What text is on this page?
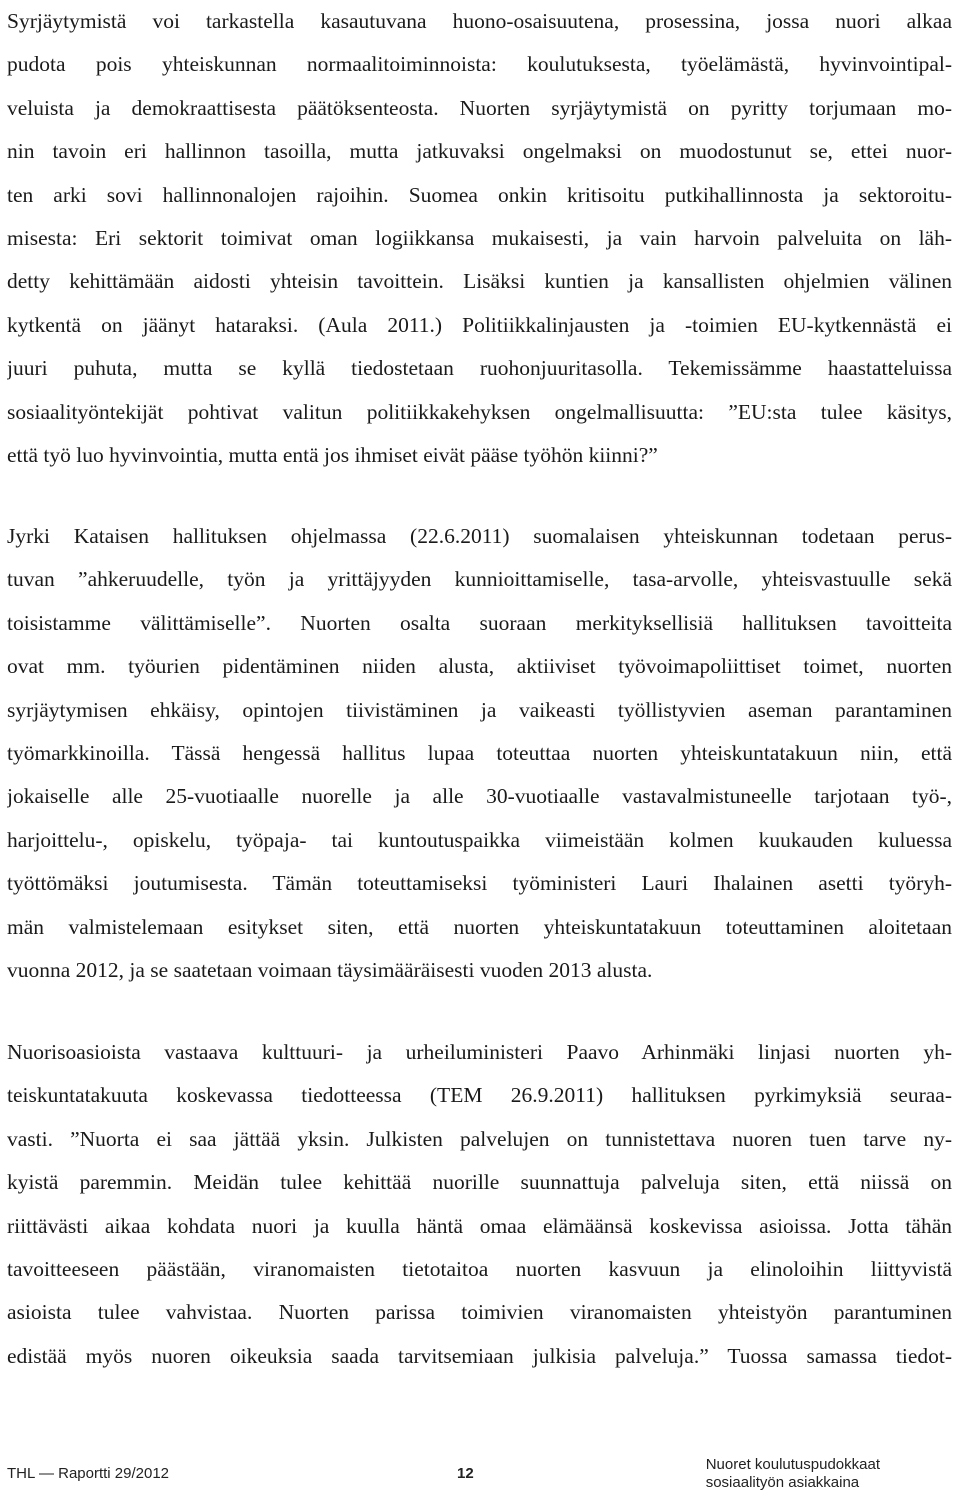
Syrjäytymistä voi tarkastella kasautuvana huono-osaisuutena, prosessina, jossa nuori alkaa
pudota pois yhteiskunnan normaalitoiminnoista: koulutuksesta, työelämästä, hyvinvointipal-
veluista ja demokraattisesta päätöksenteosta. Nuorten syrjäytymistä on pyritty torjumaan mo-
nin tavoin eri hallinnon tasoilla, mutta jatkuvaksi ongelmaksi on muodostunut se, ettei nuor-
ten arki sovi hallinnonalojen rajoihin. Suomea onkin kritisoitu putkihallinnosta ja sektoroitu-
misesta: Eri sektorit toimivat oman logiikkansa mukaisesti, ja vain harvoin palveluita on läh-
detty kehittämään aidosti yhteisin tavoittein. Lisäksi kuntien ja kansallisten ohjelmien välinen
kytkentä on jäänyt hataraksi. (Aula 2011.) Politiikkalinjausten ja -toimien EU-kytkennästä ei
juuri puhuta, mutta se kyllä tiedostetaan ruohonjuuritasolla. Tekemissämme haastatteluissa
sosiaalityöntekijät pohtivat valitun politiikkakehyksen ongelmallisuutta: ”EU:sta tulee käsitys,
että työ luo hyvinvointia, mutta entä jos ihmiset eivät pääse työhön kiinni?”
Jyrki Kataisen hallituksen ohjelmassa (22.6.2011) suomalaisen yhteiskunnan todetaan perus-
tuvan ”ahkeruudelle, työn ja yrittäjyyden kunnioittamiselle, tasa-arvolle, yhteisvastuulle sekä
toisistamme välittämiselle”. Nuorten osalta suoraan merkityksellisiä hallituksen tavoitteita
ovat mm. työurien pidentäminen niiden alusta, aktiiviset työvoimapoliittiset toimet, nuorten
syrjäytymisen ehkäisy, opintojen tiivistäminen ja vaikeasti työllistyvien aseman parantaminen
työmarkkinoilla. Tässä hengessä hallitus lupaa toteuttaa nuorten yhteiskuntatakuun niin, että
jokaiselle alle 25-vuotiaalle nuorelle ja alle 30-vuotiaalle vastavalmistuneelle tarjotaan työ-,
harjoittelu-, opiskelu, työpaja- tai kuntoutuspaikka viimeistään kolmen kuukauden kuluessa
työttömäksi joutumisesta. Tämän toteuttamiseksi työministeri Lauri Ihalainen asetti työryh-
män valmistelemaan esitykset siten, että nuorten yhteiskuntatakuun toteuttaminen aloitetaan
vuonna 2012, ja se saatetaan voimaan täysimääräisesti vuoden 2013 alusta.
Nuorisoasioista vastaava kulttuuri- ja urheiluministeri Paavo Arhinmäki linjasi nuorten yh-
teiskuntatakuuta koskevassa tiedotteessa (TEM 26.9.2011) hallituksen pyrkimyksiä seuraa-
vasti. ”Nuorta ei saa jättää yksin. Julkisten palvelujen on tunnistettava nuoren tuen tarve ny-
kyistä paremmin. Meidän tulee kehittää nuorille suunnattuja palveluja siten, että niissä on
riittävästi aikaa kohdata nuori ja kuulla häntä omaa elämäänsä koskevissa asioissa. Jotta tähän
tavoitteeseen päästään, viranomaisten tietotaitoa nuorten kasvuun ja elinoloihin liittyvistä
asioista tulee vahvistaa. Nuorten parissa toimivien viranomaisten yhteistyön parantuminen
edistää myös nuoren oikeuksia saada tarvitsemiaan julkisia palveluja.” Tuossa samassa tiedot-
THL — Raportti 29/2012	12
Nuoret koulutuspudokkaat
sosiaalityön asiakkaina
